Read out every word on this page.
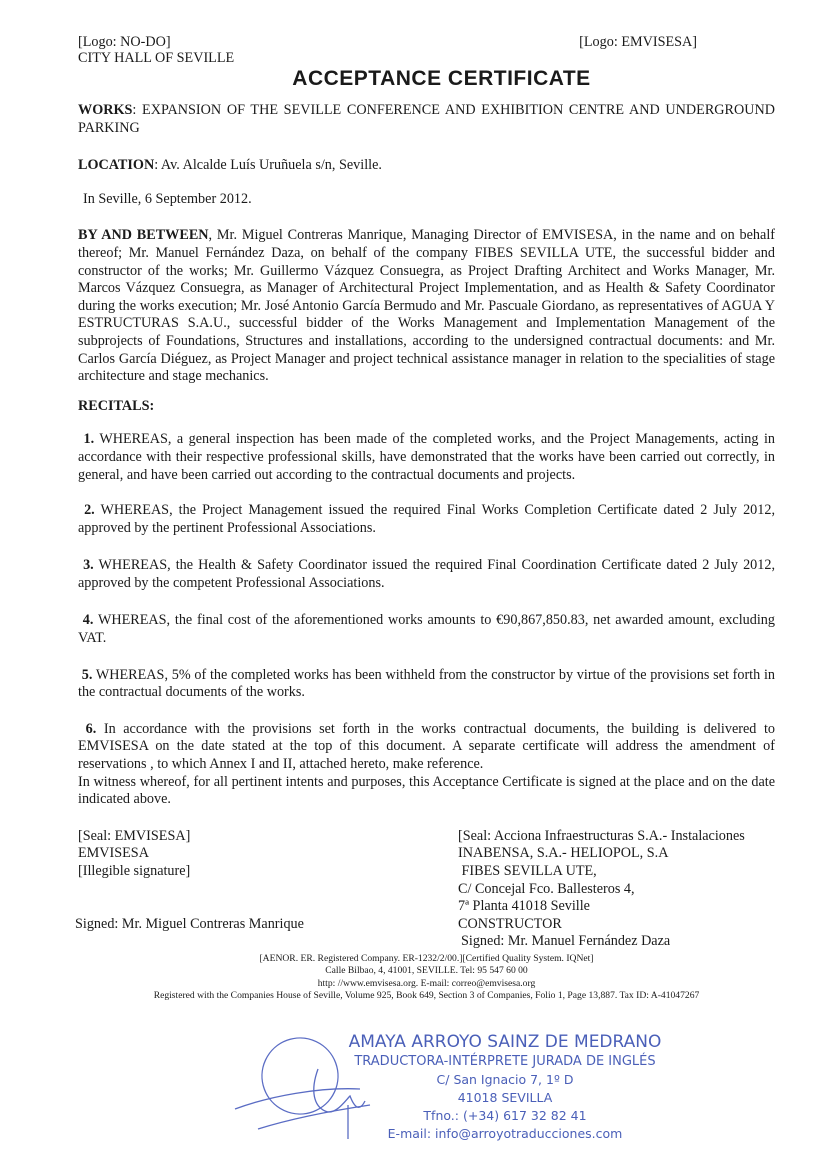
[Logo: NO-DO]
CITY HALL OF SEVILLE
[Logo: EMVISESA]
ACCEPTANCE CERTIFICATE
WORKS: EXPANSION OF THE SEVILLE CONFERENCE AND EXHIBITION CENTRE AND UNDERGROUND PARKING
LOCATION: Av. Alcalde Luís Uruñuela s/n, Seville.
In Seville, 6 September 2012.
BY AND BETWEEN, Mr. Miguel Contreras Manrique, Managing Director of EMVISESA, in the name and on behalf thereof; Mr. Manuel Fernández Daza, on behalf of the company FIBES SEVILLA UTE, the successful bidder and constructor of the works; Mr. Guillermo Vázquez Consuegra, as Project Drafting Architect and Works Manager, Mr. Marcos Vázquez Consuegra, as Manager of Architectural Project Implementation, and as Health & Safety Coordinator during the works execution; Mr. José Antonio García Bermudo and Mr. Pascuale Giordano, as representatives of AGUA Y ESTRUCTURAS S.A.U., successful bidder of the Works Management and Implementation Management of the subprojects of Foundations, Structures and installations, according to the undersigned contractual documents: and Mr. Carlos García Diéguez, as Project Manager and project technical assistance manager in relation to the specialities of stage architecture and stage mechanics.
RECITALS:
1. WHEREAS, a general inspection has been made of the completed works, and the Project Managements, acting in accordance with their respective professional skills, have demonstrated that the works have been carried out correctly, in general, and have been carried out according to the contractual documents and projects.
2. WHEREAS, the Project Management issued the required Final Works Completion Certificate dated 2 July 2012, approved by the pertinent Professional Associations.
3. WHEREAS, the Health & Safety Coordinator issued the required Final Coordination Certificate dated 2 July 2012, approved by the competent Professional Associations.
4. WHEREAS, the final cost of the aforementioned works amounts to €90,867,850.83, net awarded amount, excluding VAT.
5. WHEREAS, 5% of the completed works has been withheld from the constructor by virtue of the provisions set forth in the contractual documents of the works.
6. In accordance with the provisions set forth in the works contractual documents, the building is delivered to EMVISESA on the date stated at the top of this document. A separate certificate will address the amendment of reservations , to which Annex I and II, attached hereto, make reference.
In witness whereof, for all pertinent intents and purposes, this Acceptance Certificate is signed at the place and on the date indicated above.
[Seal: EMVISESA]
EMVISESA
[Illegible signature]
Signed: Mr. Miguel Contreras Manrique
[Seal: Acciona Infraestructuras S.A.- Instalaciones
INABENSA, S.A.- HELIOPOL, S.A
FIBES SEVILLA UTE,
C/ Concejal Fco. Ballesteros 4,
7ª Planta 41018 Seville
CONSTRUCTOR
Signed: Mr. Manuel Fernández Daza
[AENOR. ER. Registered Company. ER-1232/2/00.][Certified Quality System. IQNet]
Calle Bilbao, 4, 41001, SEVILLE. Tel: 95 547 60 00
http: //www.emvisesa.org. E-mail: correo@emvisesa.org
Registered with the Companies House of Seville, Volume 925, Book 649, Section 3 of Companies, Folio 1, Page 13,887. Tax ID: A-41047267
AMAYA ARROYO SAINZ DE MEDRANO
TRADUCTORA-INTÉRPRETE JURADA DE INGLÉS
C/ San Ignacio 7, 1º D
41018 SEVILLA
Tfno.: (+34) 617 32 82 41
E-mail: info@arroyotraducciones.com
